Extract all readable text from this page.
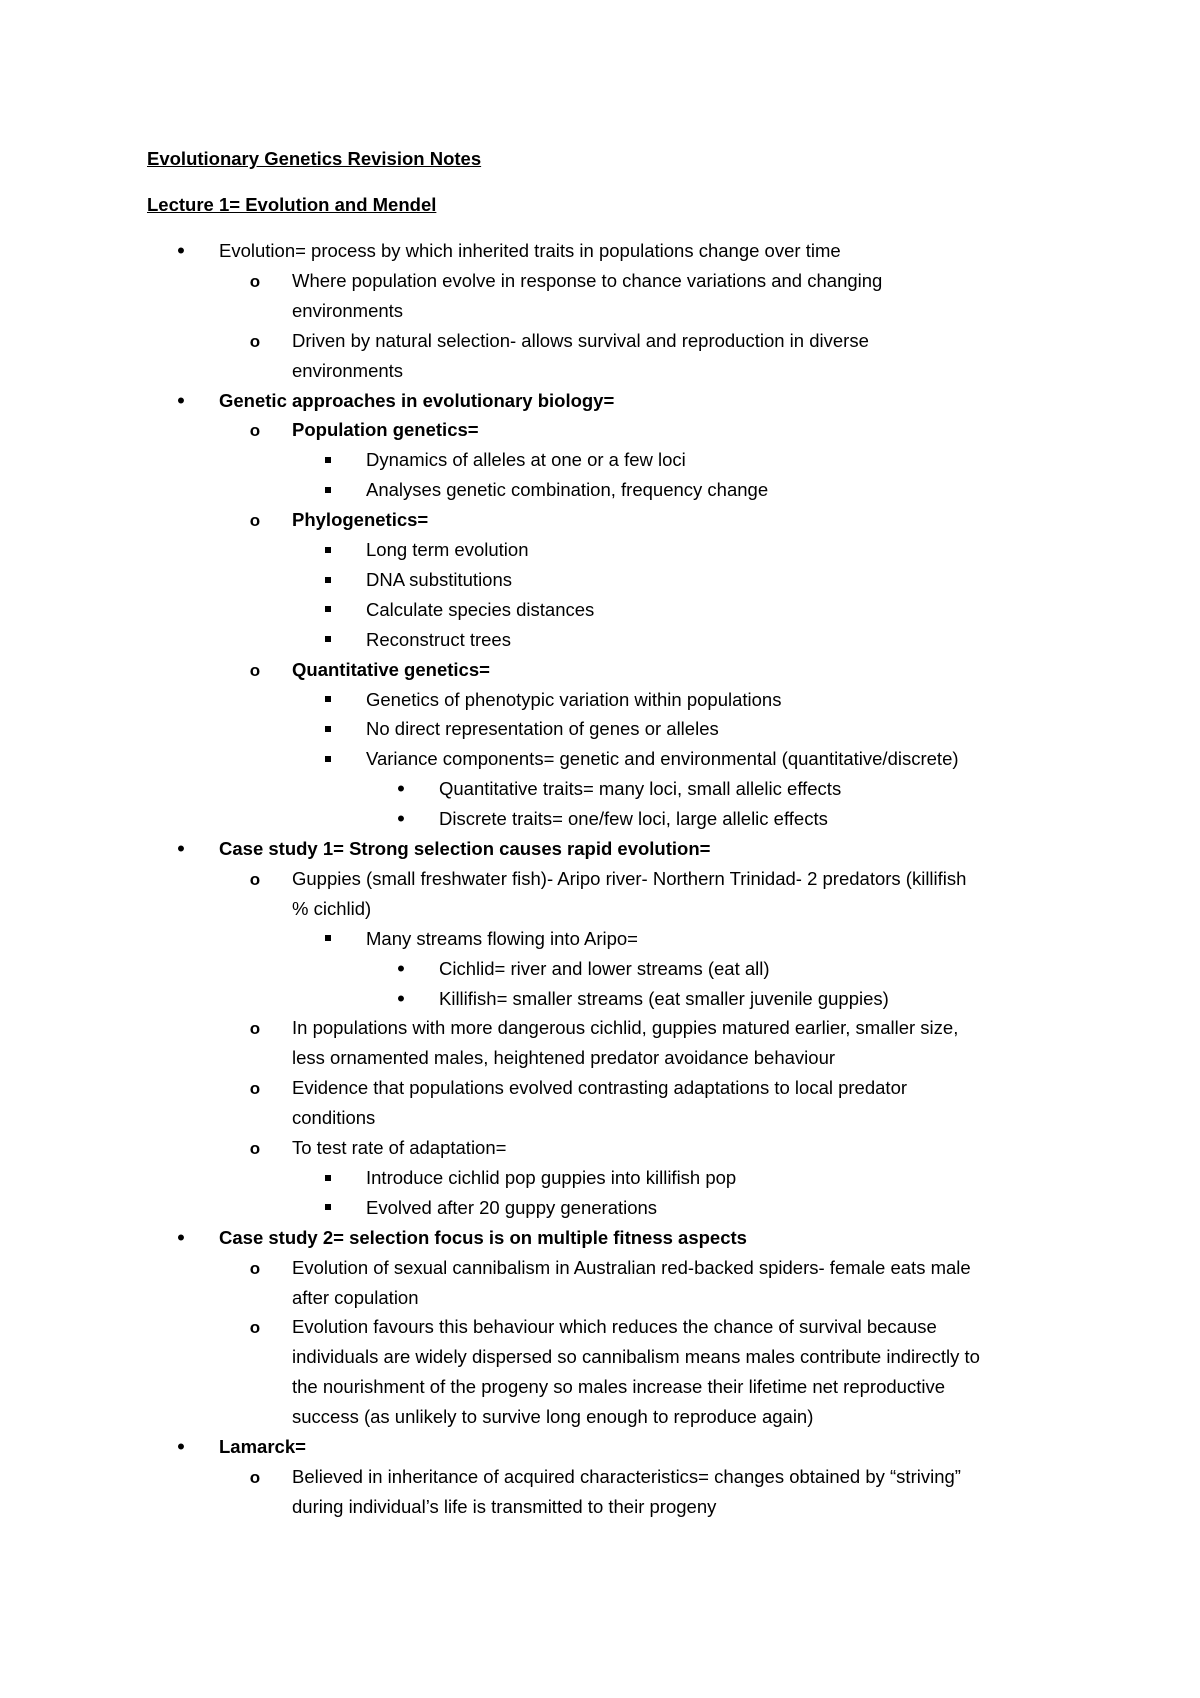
Evolutionary Genetics Revision Notes
Lecture 1= Evolution and Mendel
•
Evolution= process by which inherited traits in populations change over time
o
Where population evolve in response to chance variations and changing
environments
o
Driven by natural selection- allows survival and reproduction in diverse
environments
•
Genetic approaches in evolutionary biology=
o
Population genetics=
Dynamics of alleles at one or a few loci
Analyses genetic combination, frequency change
o
Phylogenetics=
Long term evolution
DNA substitutions
Calculate species distances
Reconstruct trees
o
Quantitative genetics=
Genetics of phenotypic variation within populations
No direct representation of genes or alleles
Variance components= genetic and environmental (quantitative/discrete)
•
Quantitative traits= many loci, small allelic effects
•
Discrete traits= one/few loci, large allelic effects
•
Case study 1= Strong selection causes rapid evolution=
o
Guppies (small freshwater fish)- Aripo river- Northern Trinidad- 2 predators (killifish
% cichlid)
Many streams flowing into Aripo=
•
Cichlid= river and lower streams (eat all)
•
Killifish= smaller streams (eat smaller juvenile guppies)
o
In populations with more dangerous cichlid, guppies matured earlier, smaller size,
less ornamented males, heightened predator avoidance behaviour
o
Evidence that populations evolved contrasting adaptations to local predator
conditions
o
To test rate of adaptation=
Introduce cichlid pop guppies into killifish pop
Evolved after 20 guppy generations
•
Case study 2= selection focus is on multiple fitness aspects
o
Evolution of sexual cannibalism in Australian red-backed spiders- female eats male
after copulation
o
Evolution favours this behaviour which reduces the chance of survival because
individuals are widely dispersed so cannibalism means males contribute indirectly to
the nourishment of the progeny so males increase their lifetime net reproductive
success (as unlikely to survive long enough to reproduce again)
•
Lamarck=
o
Believed in inheritance of acquired characteristics= changes obtained by “striving”
during individual’s life is transmitted to their progeny
